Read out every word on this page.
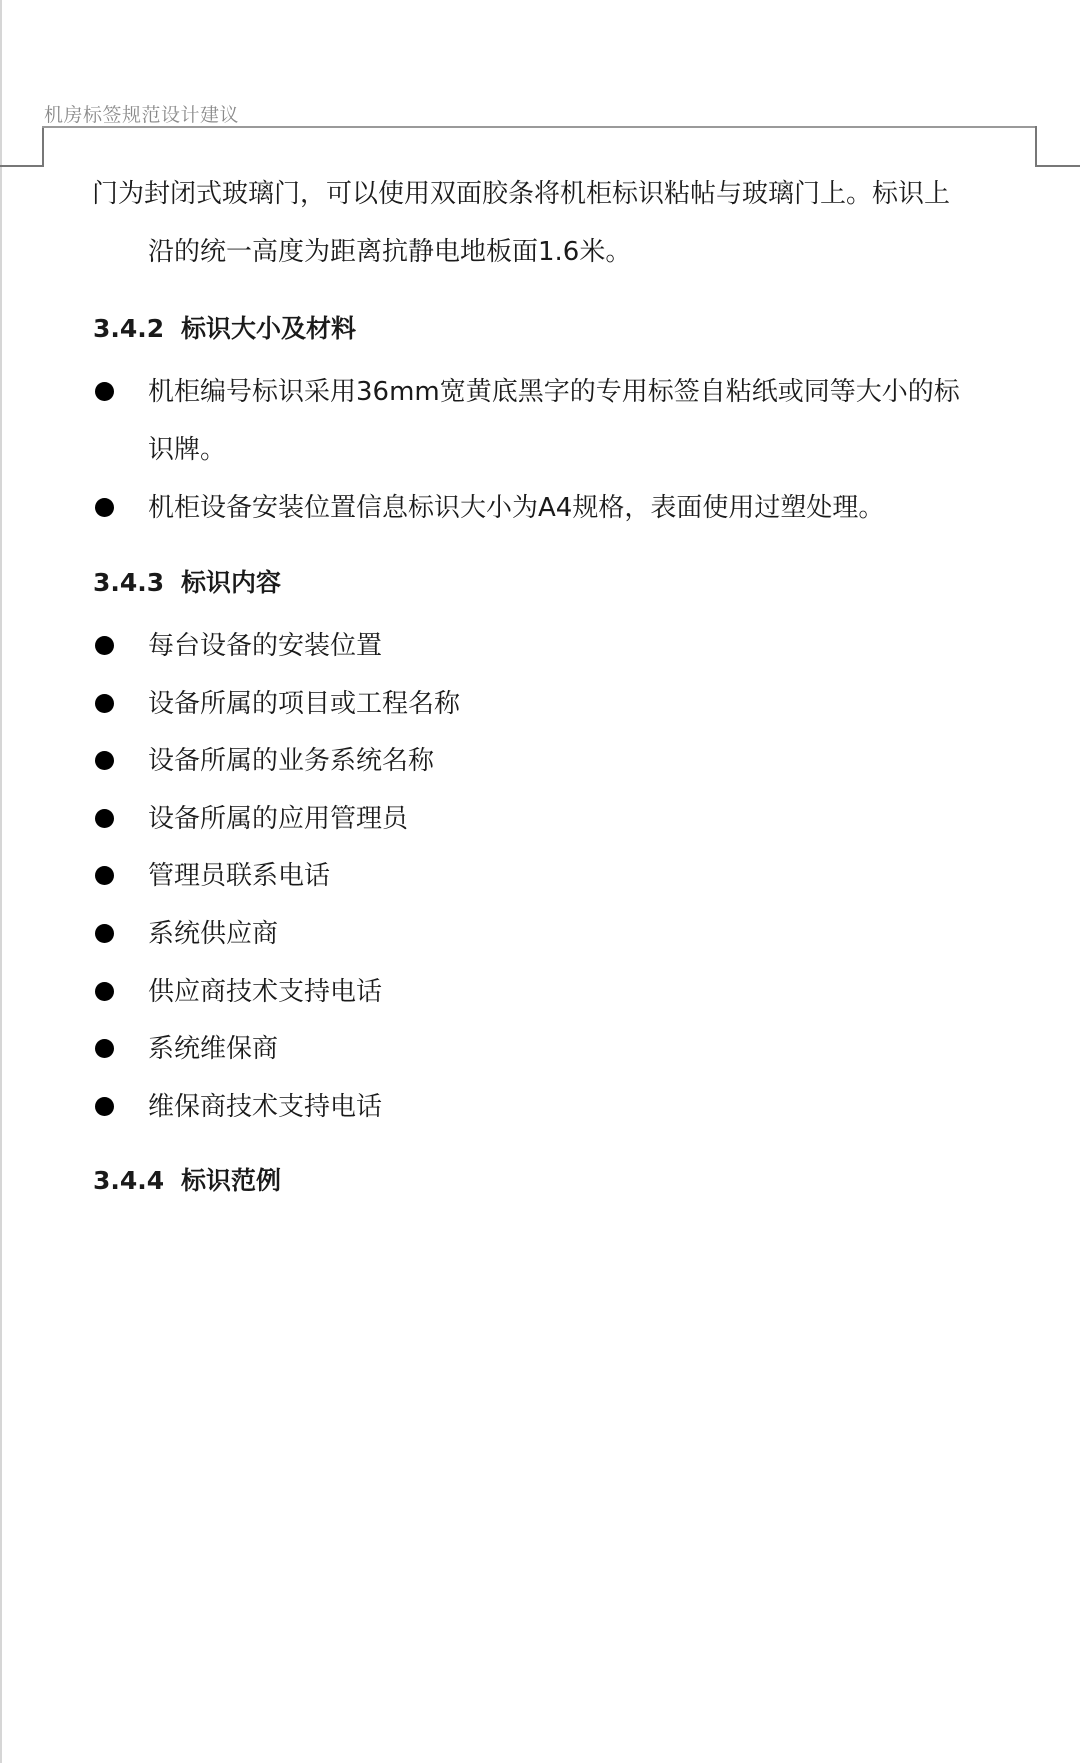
机房标签规范设计建议
门为封闭式玻璃门，可以使用双面胶条将机柜标识粘帖与玻璃门上。标识上
沿的统一高度为距离抗静电地板面1.6米。
3.4.2 标识大小及材料
机柜编号标识采用36mm宽黄底黑字的专用标签自粘纸或同等大小的标
识牌。
机柜设备安装位置信息标识大小为A4规格，表面使用过塑处理。
3.4.3 标识内容
每台设备的安装位置
设备所属的项目或工程名称
设备所属的业务系统名称
设备所属的应用管理员
管理员联系电话
系统供应商
供应商技术支持电话
系统维保商
维保商技术支持电话
3.4.4 标识范例
